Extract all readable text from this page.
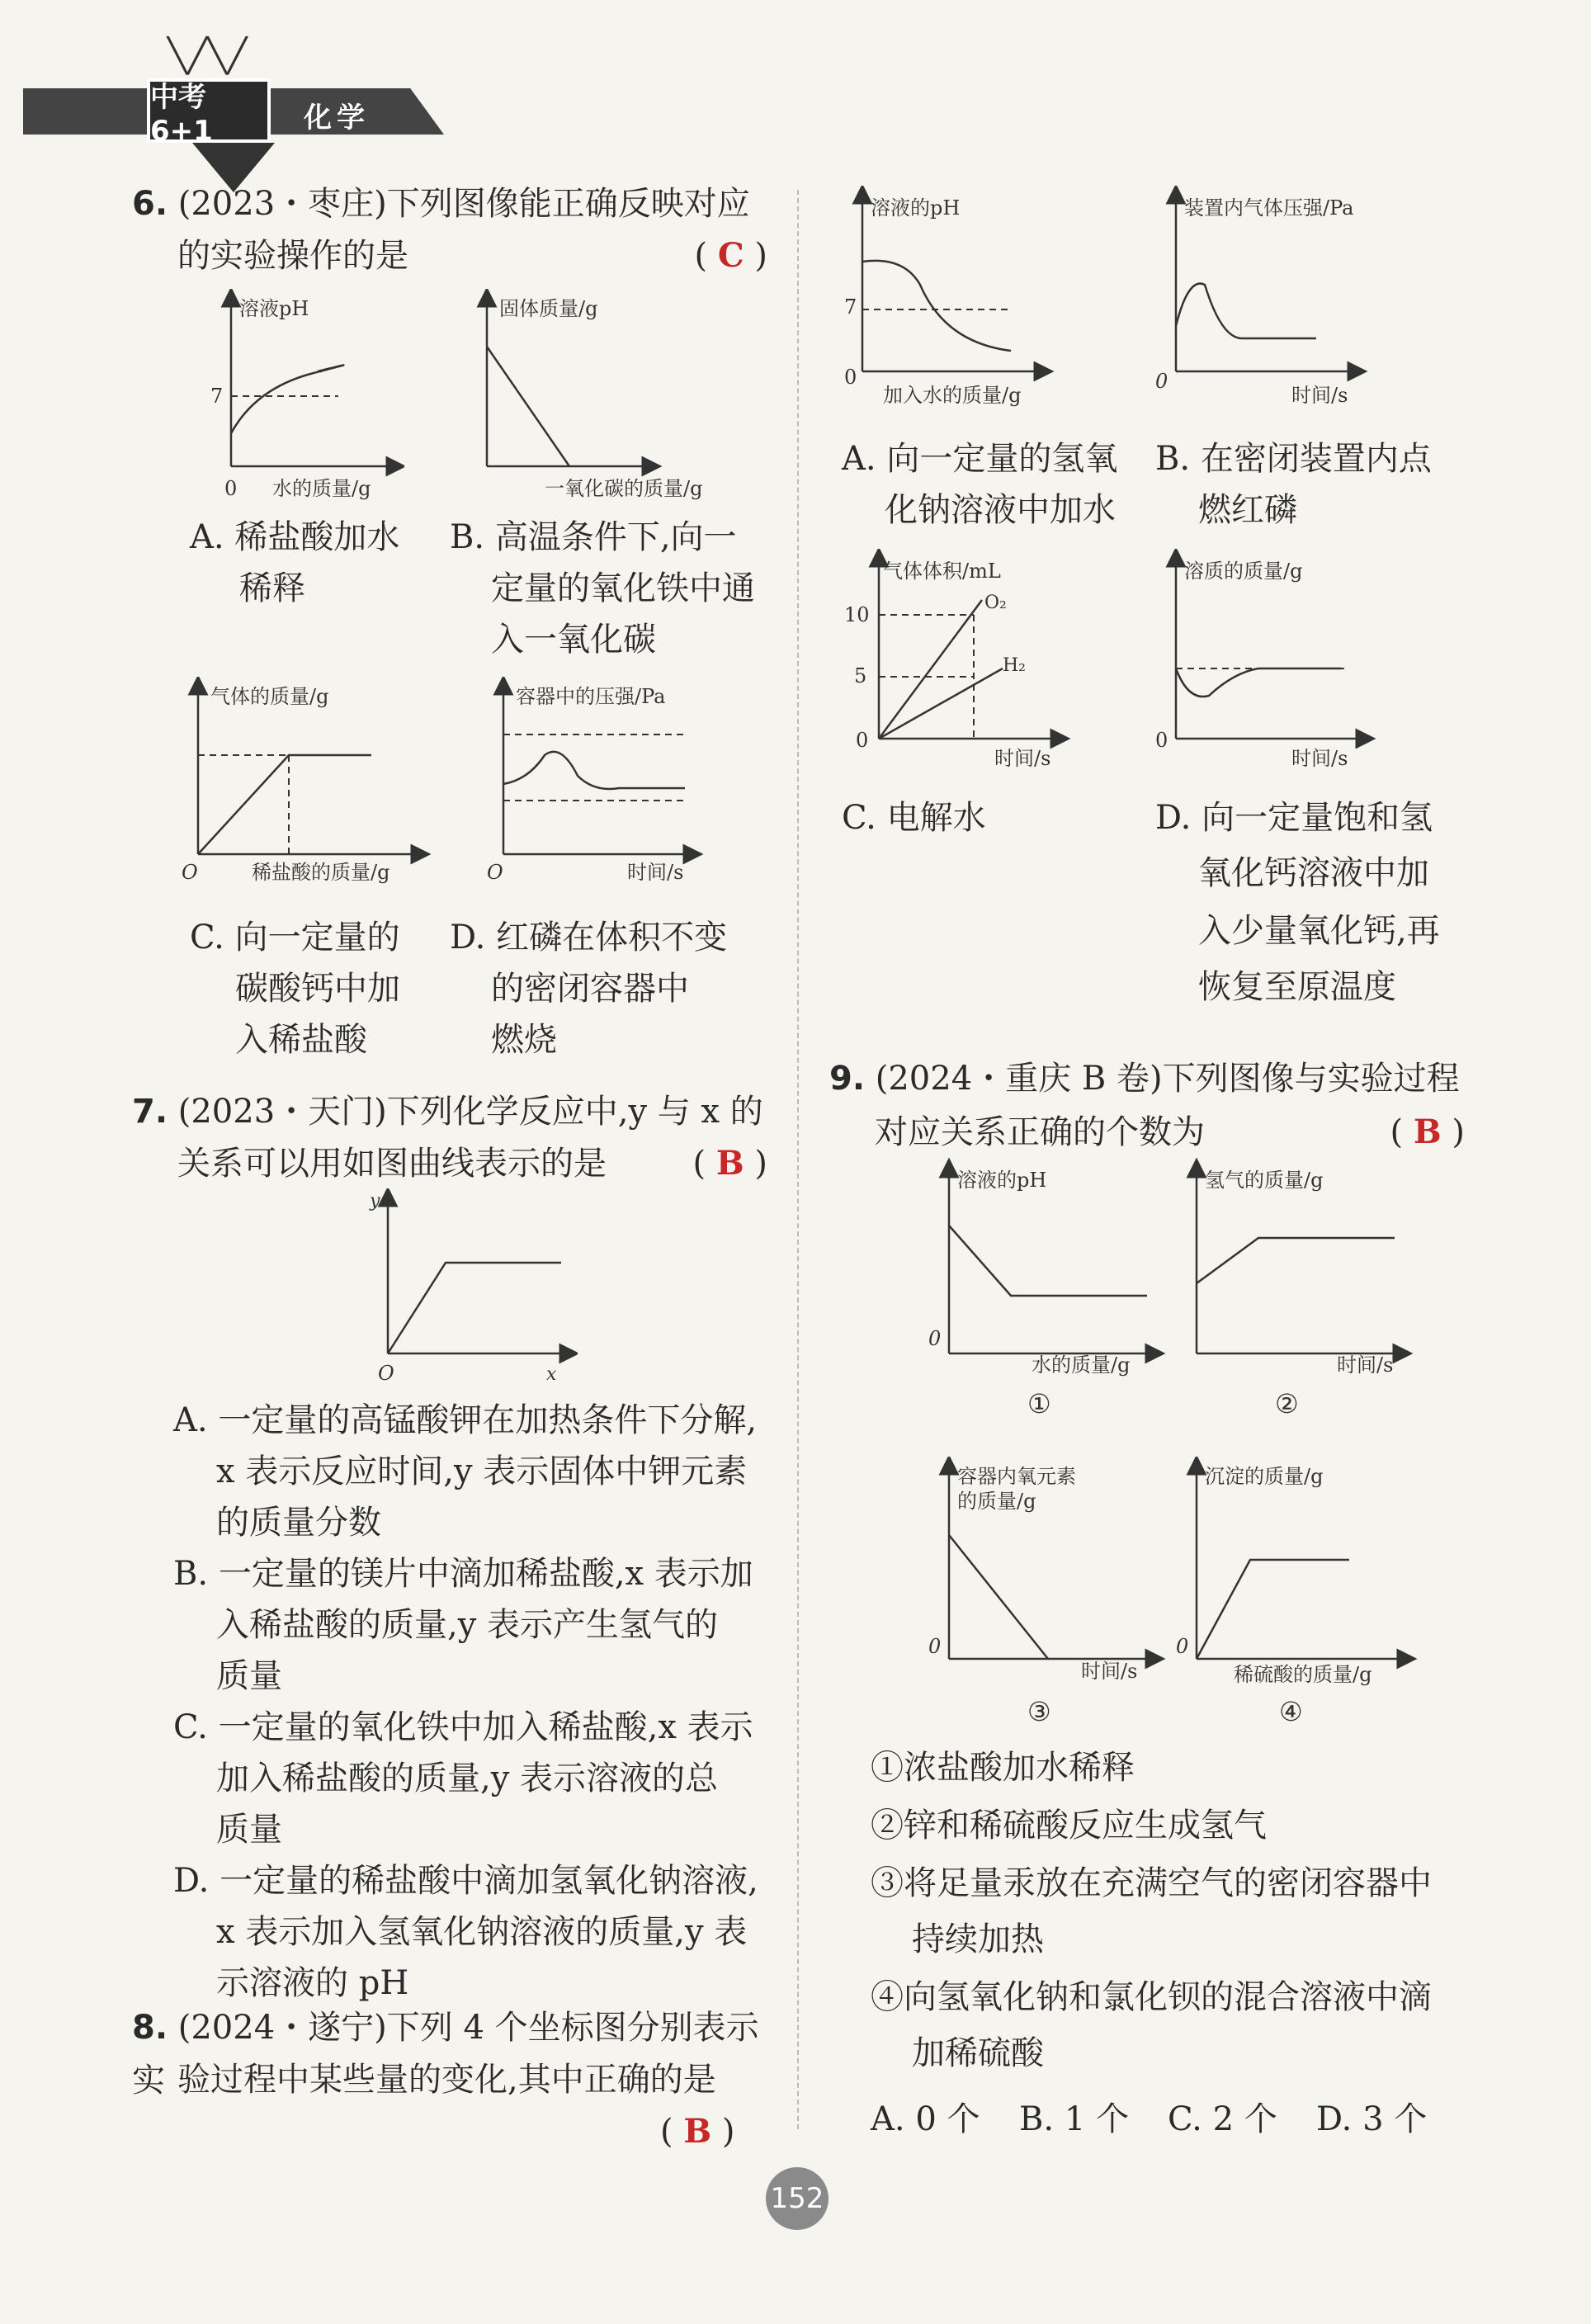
╲╱╲╱
中考6+1	化学
6. (2023・枣庄)下列图像能正确反映对应
的实验操作的是	( C )
溶液pH
7
0 水的质量/g
固体质量/g
一氧化碳的质量/g
A. 稀盐酸加水
稀释
B. 高温条件下,向一
定量的氧化铁中通
入一氧化碳
气体的质量/g
O	稀盐酸的质量/g
容器中的压强/Pa
O	时间/s
C. 向一定量的
碳酸钙中加
入稀盐酸
D. 红磷在体积不变
的密闭容器中
燃烧
7. (2023・天门)下列化学反应中,y 与 x 的
关系可以用如图曲线表示的是	( B )
y
O	x
A. 一定量的高锰酸钾在加热条件下分解,
x 表示反应时间,y 表示固体中钾元素
的质量分数
B. 一定量的镁片中滴加稀盐酸,x 表示加
入稀盐酸的质量,y 表示产生氢气的
质量
C. 一定量的氧化铁中加入稀盐酸,x 表示
加入稀盐酸的质量,y 表示溶液的总
质量
D. 一定量的稀盐酸中滴加氢氧化钠溶液,
x 表示加入氢氧化钠溶液的质量,y 表
示溶液的 pH
8. (2024・遂宁)下列 4 个坐标图分别表示实 验过程中某些量的变化,其中正确的是
( B )
溶液的pH
7
0
加入水的质量/g
装置内气体压强/Pa
0
时间/s
A. 向一定量的氢氧
化钠溶液中加水
B. 在密闭装置内点
燃红磷
气体体积/mL
10
5
O₂
H₂
0
时间/s
溶质的质量/g
0
时间/s
C. 电解水	D. 向一定量饱和氢
氧化钙溶液中加
入少量氧化钙,再
恢复至原温度
9. (2024・重庆 B 卷)下列图像与实验过程
对应关系正确的个数为	( B )
溶液的pH
0
水的质量/g
①
氢气的质量/g
时间/s
②
容器内氧元素
的质量/g
0
时间/s
③
沉淀的质量/g
0
稀硫酸的质量/g
④
①浓盐酸加水稀释
②锌和稀硫酸反应生成氢气
③将足量汞放在充满空气的密闭容器中
持续加热
④向氢氧化钠和氯化钡的混合溶液中滴
加稀硫酸
A. 0 个 B. 1 个 C. 2 个 D. 3 个
152
